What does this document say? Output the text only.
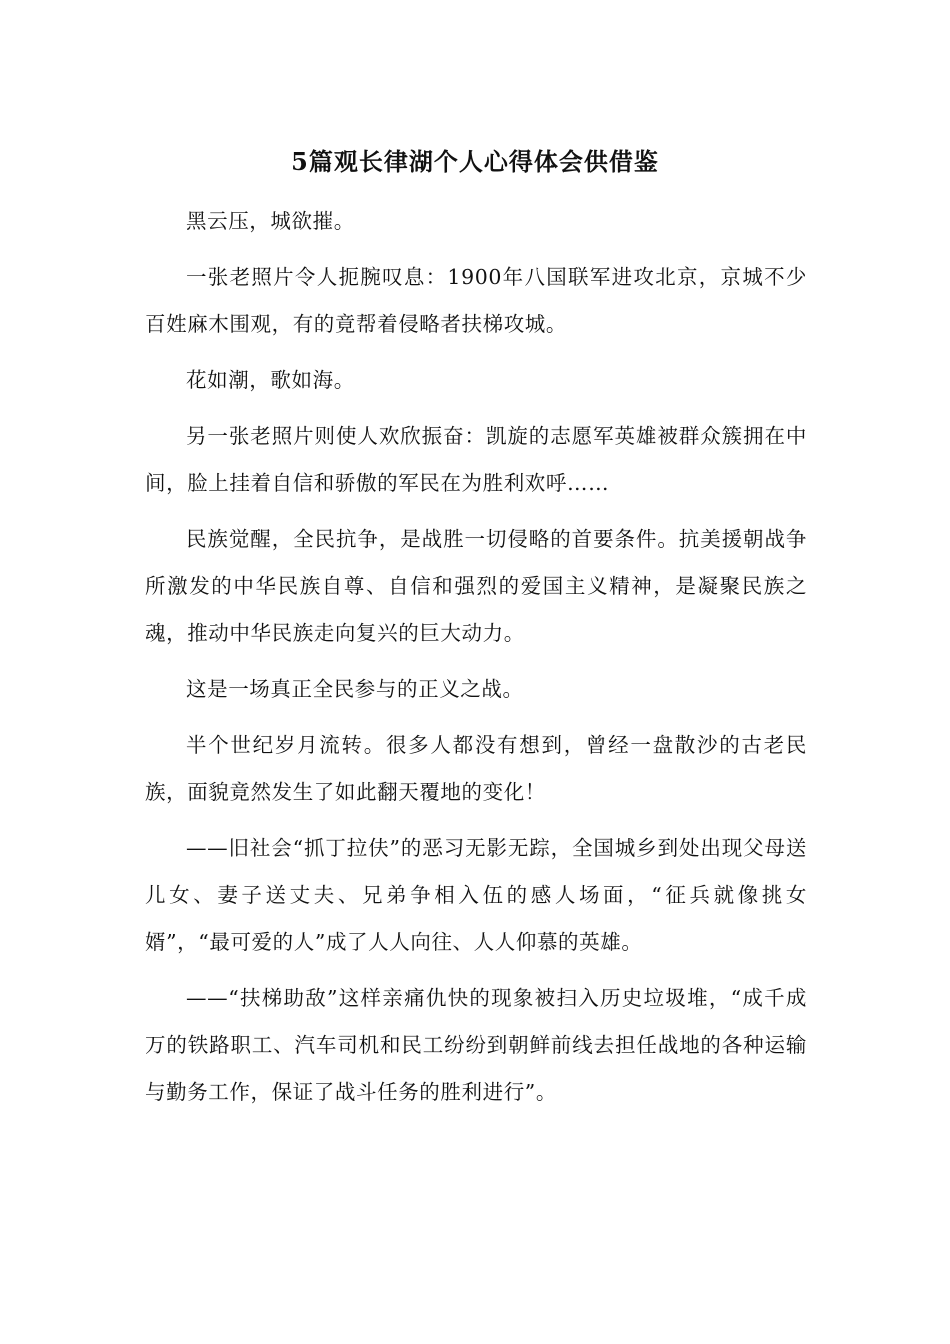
5篇观长律湖个人心得体会供借鉴

黑云压，城欲摧。

一张老照片令人扼腕叹息：1900年八国联军进攻北京，京城不少百姓麻木围观，有的竟帮着侵略者扶梯攻城。

花如潮，歌如海。

另一张老照片则使人欢欣振奋：凯旋的志愿军英雄被群众簇拥在中间，脸上挂着自信和骄傲的军民在为胜利欢呼……

民族觉醒，全民抗争，是战胜一切侵略的首要条件。抗美援朝战争所激发的中华民族自尊、自信和强烈的爱国主义精神，是凝聚民族之魂，推动中华民族走向复兴的巨大动力。

这是一场真正全民参与的正义之战。

半个世纪岁月流转。很多人都没有想到，曾经一盘散沙的古老民族，面貌竟然发生了如此翻天覆地的变化！

——旧社会“抓丁拉伕”的恶习无影无踪，全国城乡到处出现父母送儿女、妻子送丈夫、兄弟争相入伍的感人场面，“征兵就像挑女婿”，“最可爱的人”成了人人向往、人人仰慕的英雄。

——“扶梯助敌”这样亲痛仇快的现象被扫入历史垃圾堆，“成千成万的铁路职工、汽车司机和民工纷纷到朝鲜前线去担任战地的各种运输与勤务工作，保证了战斗任务的胜利进行”。
